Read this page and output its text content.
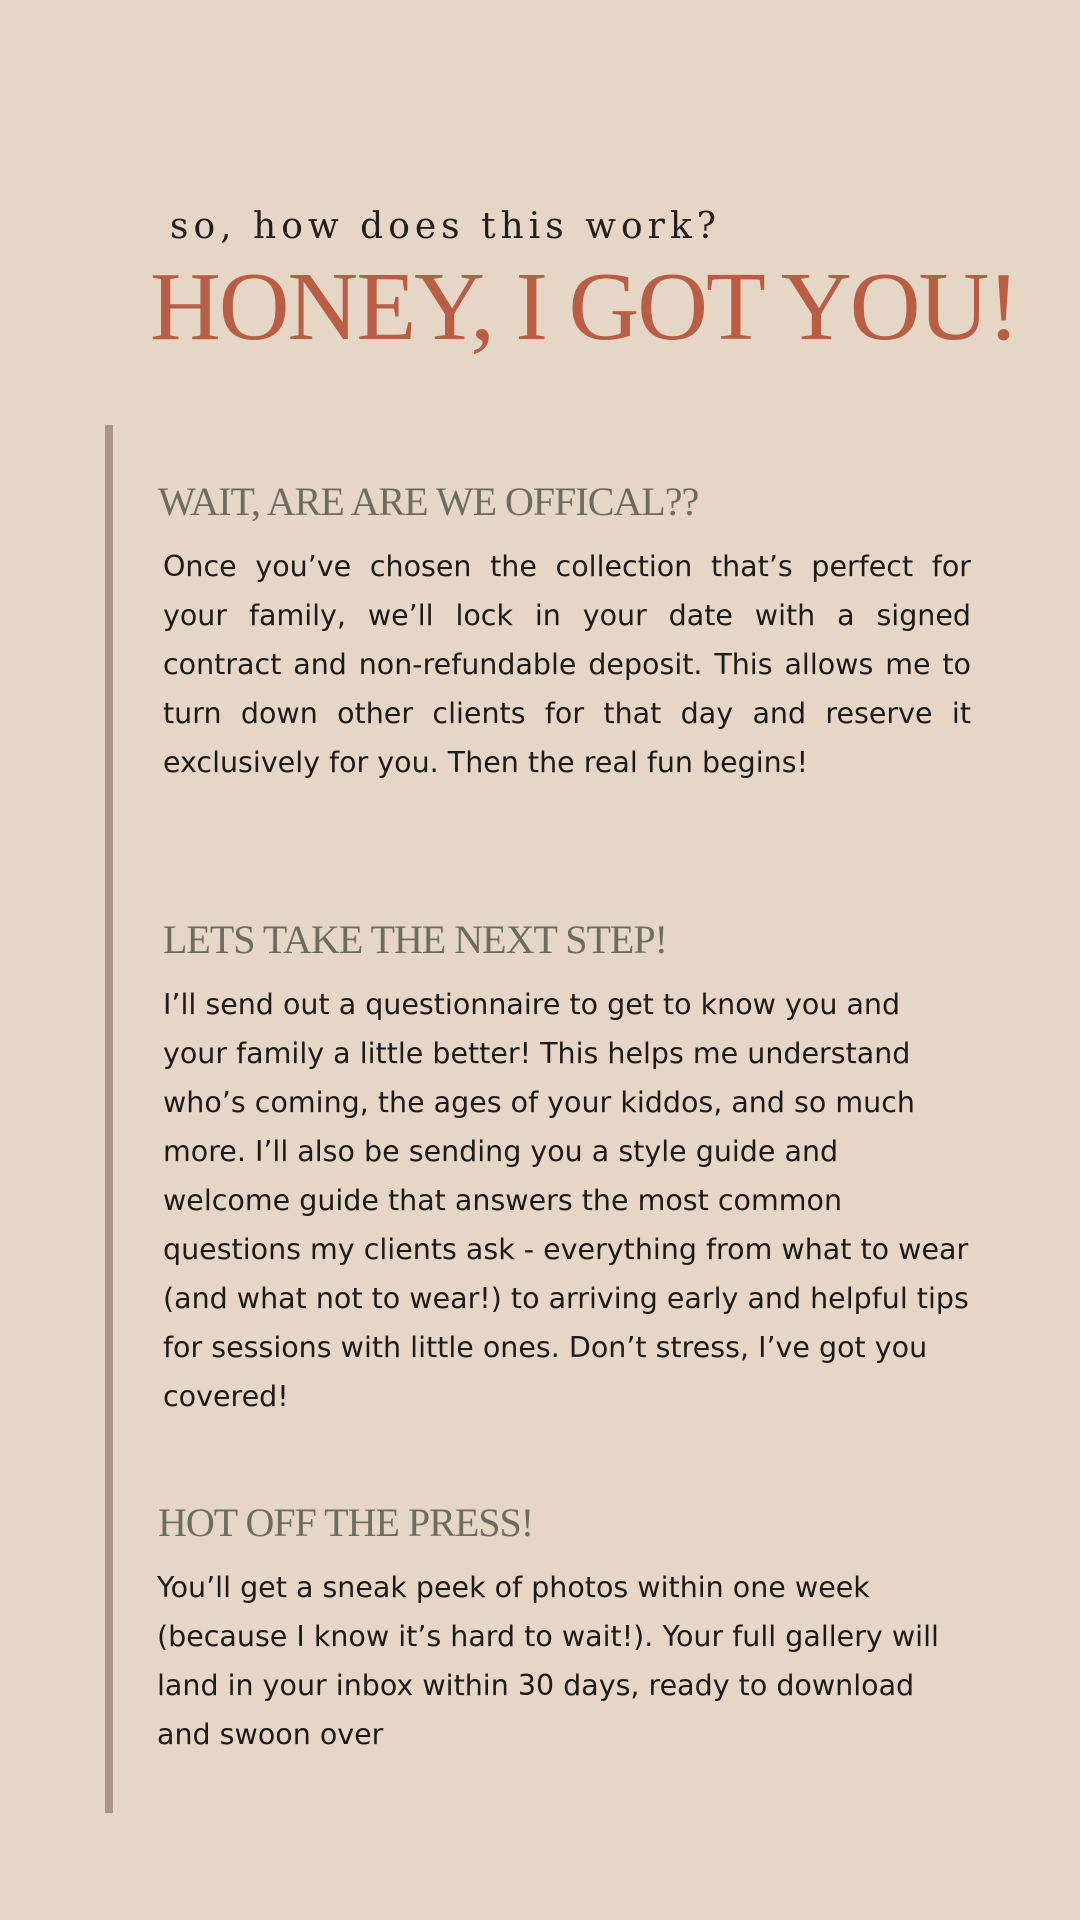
so, how does this work?

HONEY, I GOT YOU!
WAIT, ARE ARE WE OFFICAL??

Once you’ve chosen the collection that’s perfect for your family, we’ll lock in your date with a signed contract and non-refundable deposit. This allows me to turn down other clients for that day and reserve it exclusively for you. Then the real fun begins!

LETS TAKE THE NEXT STEP!

I’ll send out a questionnaire to get to know you and your family a little better! This helps me understand who’s coming, the ages of your kiddos, and so much more. I’ll also be sending you a style guide and welcome guide that answers the most common questions my clients ask - everything from what to wear (and what not to wear!) to arriving early and helpful tips for sessions with little ones. Don’t stress, I’ve got you covered!

HOT OFF THE PRESS!

You’ll get a sneak peek of photos within one week (because I know it’s hard to wait!). Your full gallery will land in your inbox within 30 days, ready to download and swoon over
